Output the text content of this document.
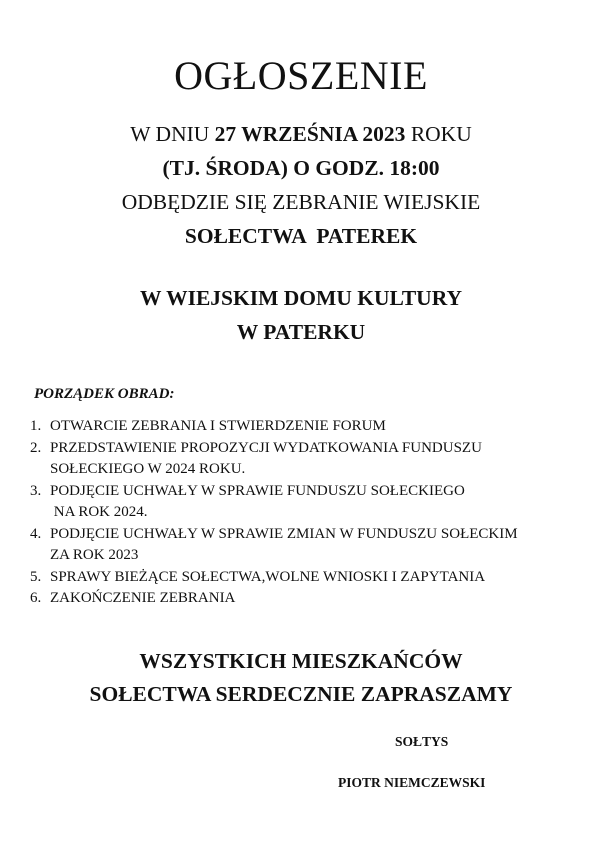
OGŁOSZENIE
W DNIU 27 WRZEŚNIA 2023 ROKU
(TJ. ŚRODA) O GODZ. 18:00
ODBĘDZIE SIĘ ZEBRANIE WIEJSKIE
SOŁECTWA  PATEREK
W WIEJSKIM DOMU KULTURY
W PATERKU
PORZĄDEK OBRAD:
1. OTWARCIE ZEBRANIA I STWIERDZENIE FORUM
2. PRZEDSTAWIENIE PROPOZYCJI WYDATKOWANIA FUNDUSZU
SOŁECKIEGO W 2024 ROKU.
3. PODJĘCIE UCHWAŁY W SPRAWIE FUNDUSZU SOŁECKIEGO
NA ROK 2024.
4. PODJĘCIE UCHWAŁY W SPRAWIE ZMIAN W FUNDUSZU SOŁECKIM
ZA ROK 2023
5. SPRAWY BIEŻĄCE SOŁECTWA,WOLNE WNIOSKI I ZAPYTANIA
6. ZAKOŃCZENIE ZEBRANIA
WSZYSTKICH MIESZKAŃCÓW
SOŁECTWA SERDECZNIE ZAPRASZAMY
SOŁTYS
PIOTR NIEMCZEWSKI
